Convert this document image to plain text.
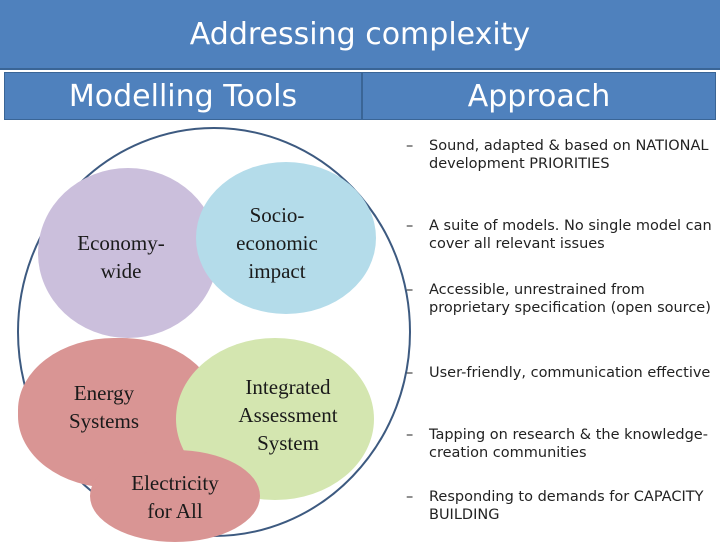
Addressing complexity
Modelling Tools	Approach
Economy-
wide
Socio-
economic
impact
Energy
Systems
Integrated
Assessment
System
Electricity
for All
– Sound, adapted & based on NATIONAL development PRIORITIES
– A suite of models. No single model can cover all relevant issues
– Accessible, unrestrained from proprietary specification (open source)
– User-friendly, communication effective
– Tapping on research & the knowledge-creation communities
– Responding to demands for CAPACITY BUILDING
